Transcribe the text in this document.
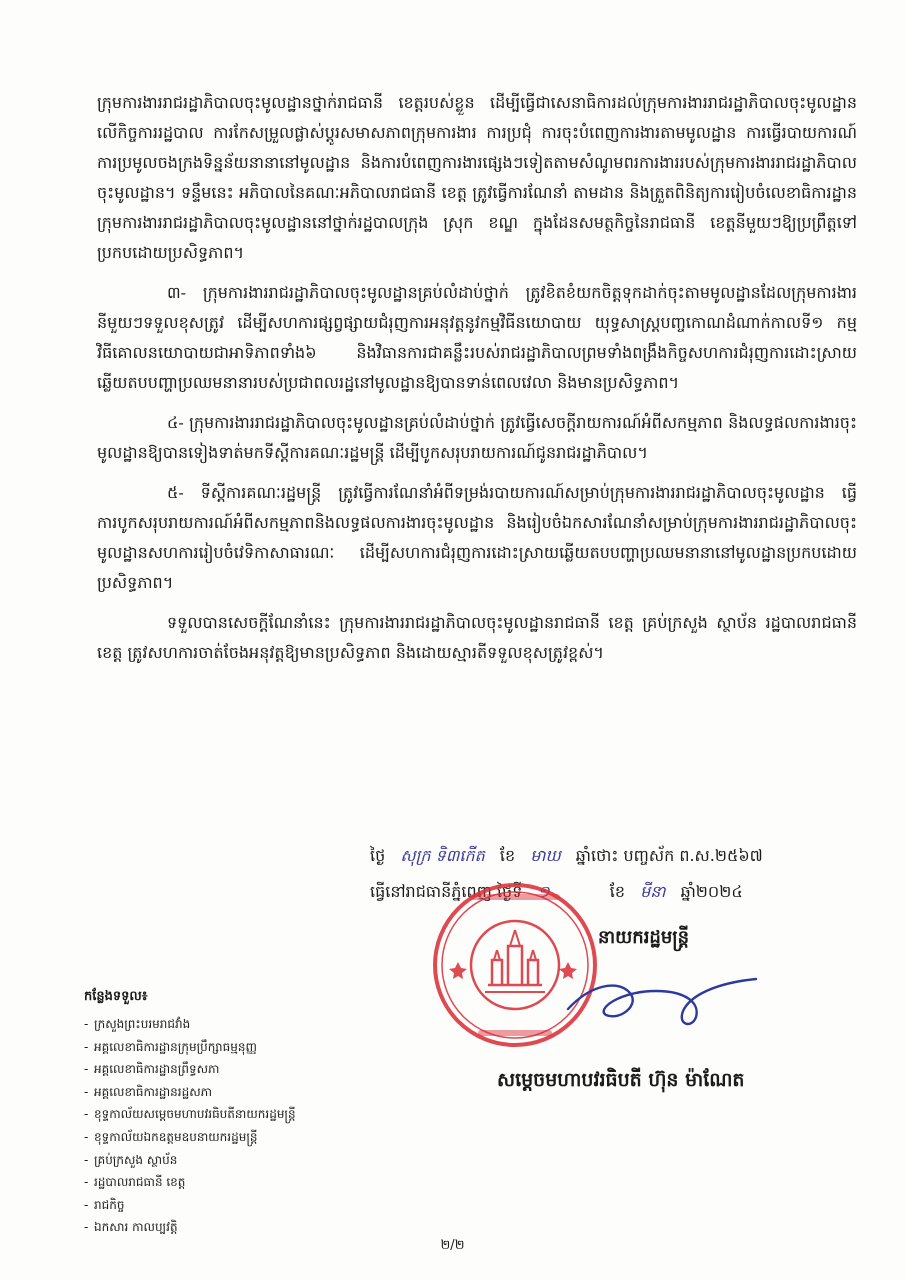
ក្រុមការងាររាជរដ្ឋាភិបាលចុះមូលដ្ឋានថ្នាក់រាជធានី ខេត្តរបស់ខ្លួន ដើម្បីធ្វើជាសេនាធិការដល់ក្រុមការងាររាជរដ្ឋាភិបាលចុះមូលដ្ឋានលើកិច្ចការរដ្ឋបាល ការកែសម្រួលផ្លាស់ប្ដូរសមាសភាពក្រុមការងារ ការប្រជុំ ការចុះបំពេញការងារតាមមូលដ្ឋាន ការធ្វើរបាយការណ៍ ការប្រមូលចងក្រងទិន្នន័យនានានៅមូលដ្ឋាន និងការបំពេញការងារផ្សេងៗទៀតតាមសំណូមពរការងាររបស់ក្រុមការងាររាជរដ្ឋាភិបាលចុះមូលដ្ឋាន។ ទន្ទឹមនេះ អភិបាលនៃគណៈអភិបាលរាជធានី ខេត្ត ត្រូវធ្វើការណែនាំ តាមដាន និងត្រួតពិនិត្យការរៀបចំលេខាធិការដ្ឋានក្រុមការងាររាជរដ្ឋាភិបាលចុះមូលដ្ឋាននៅថ្នាក់រដ្ឋបាលក្រុង ស្រុក ខណ្ឌ ក្នុងដែនសមត្ថកិច្ចនៃរាជធានី ខេត្តនីមួយៗឱ្យប្រព្រឹត្តទៅប្រកបដោយប្រសិទ្ធភាព។

៣- ក្រុមការងាររាជរដ្ឋាភិបាលចុះមូលដ្ឋានគ្រប់លំដាប់ថ្នាក់ ត្រូវខិតខំយកចិត្តទុកដាក់ចុះតាមមូលដ្ឋានដែលក្រុមការងារនីមួយៗទទួលខុសត្រូវ ដើម្បីសហការផ្សព្វផ្សាយជំរុញការអនុវត្តនូវកម្មវិធីនយោបាយ យុទ្ធសាស្ត្របញ្ចកោណដំណាក់កាលទី១ កម្មវិធីគោលនយោបាយជាអាទិភាពទាំង៦ និងវិធានការជាគន្លឹះរបស់រាជរដ្ឋាភិបាលព្រមទាំងពង្រឹងកិច្ចសហការជំរុញការដោះស្រាយឆ្លើយតបបញ្ហាប្រឈមនានារបស់ប្រជាពលរដ្ឋនៅមូលដ្ឋានឱ្យបានទាន់ពេលវេលា និងមានប្រសិទ្ធភាព។

៤- ក្រុមការងាររាជរដ្ឋាភិបាលចុះមូលដ្ឋានគ្រប់លំដាប់ថ្នាក់ ត្រូវធ្វើសេចក្ដីរាយការណ៍អំពីសកម្មភាព និងលទ្ធផលការងារចុះមូលដ្ឋានឱ្យបានទៀងទាត់មកទីស្ដីការគណៈរដ្ឋមន្ត្រី ដើម្បីបូកសរុបរាយការណ៍ជូនរាជរដ្ឋាភិបាល។

៥- ទីស្ដីការគណៈរដ្ឋមន្ត្រី ត្រូវធ្វើការណែនាំអំពីទម្រង់របាយការណ៍សម្រាប់ក្រុមការងាររាជរដ្ឋាភិបាលចុះមូលដ្ឋាន ធ្វើការបូកសរុបរាយការណ៍អំពីសកម្មភាពនិងលទ្ធផលការងារចុះមូលដ្ឋាន និងរៀបចំឯកសារណែនាំសម្រាប់ក្រុមការងាររាជរដ្ឋាភិបាលចុះមូលដ្ឋានសហការរៀបចំវេទិកាសាធារណៈ ដើម្បីសហការជំរុញការដោះស្រាយឆ្លើយតបបញ្ហាប្រឈមនានានៅមូលដ្ឋានប្រកបដោយប្រសិទ្ធភាព។

ទទួលបានសេចក្ដីណែនាំនេះ ក្រុមការងាររាជរដ្ឋាភិបាលចុះមូលដ្ឋានរាជធានី ខេត្ត គ្រប់ក្រសួង ស្ថាប័ន រដ្ឋបាលរាជធានី ខេត្ត ត្រូវសហការចាត់ចែងអនុវត្តឱ្យមានប្រសិទ្ធភាព និងដោយស្មារតីទទួលខុសត្រូវខ្ពស់។

ថ្ងៃ សុក្រ ទិ៣កើត ខែ មាឃ ឆ្នាំថោះ បញ្ចស័ក ព.ស.២៥៦៧
ធ្វើនៅរាជធានីភ្នំពេញ ថ្ងៃទី ១	ខែ មីនា ឆ្នាំ២០២៤
នាយករដ្ឋមន្ត្រី
សម្តេចមហាបវរធិបតី ហ៊ុន ម៉ាណែត
កន្លែងទទួល៖
- ក្រសួងព្រះបរមរាជវាំង
- អគ្គលេខាធិការដ្ឋានក្រុមប្រឹក្សាធម្មនុញ្ញ
- អគ្គលេខាធិការដ្ឋានព្រឹទ្ធសភា
- អគ្គលេខាធិការដ្ឋានរដ្ឋសភា
- ខុទ្ទកាល័យសម្តេចមហាបវរធិបតីនាយករដ្ឋមន្ត្រី
- ខុទ្ទកាល័យឯកឧត្តមឧបនាយករដ្ឋមន្ត្រី
- គ្រប់ក្រសួង ស្ថាប័ន
- រដ្ឋបាលរាជធានី ខេត្ត
- រាជកិច្ច
- ឯកសារ កាលប្បវត្តិ
២/២
